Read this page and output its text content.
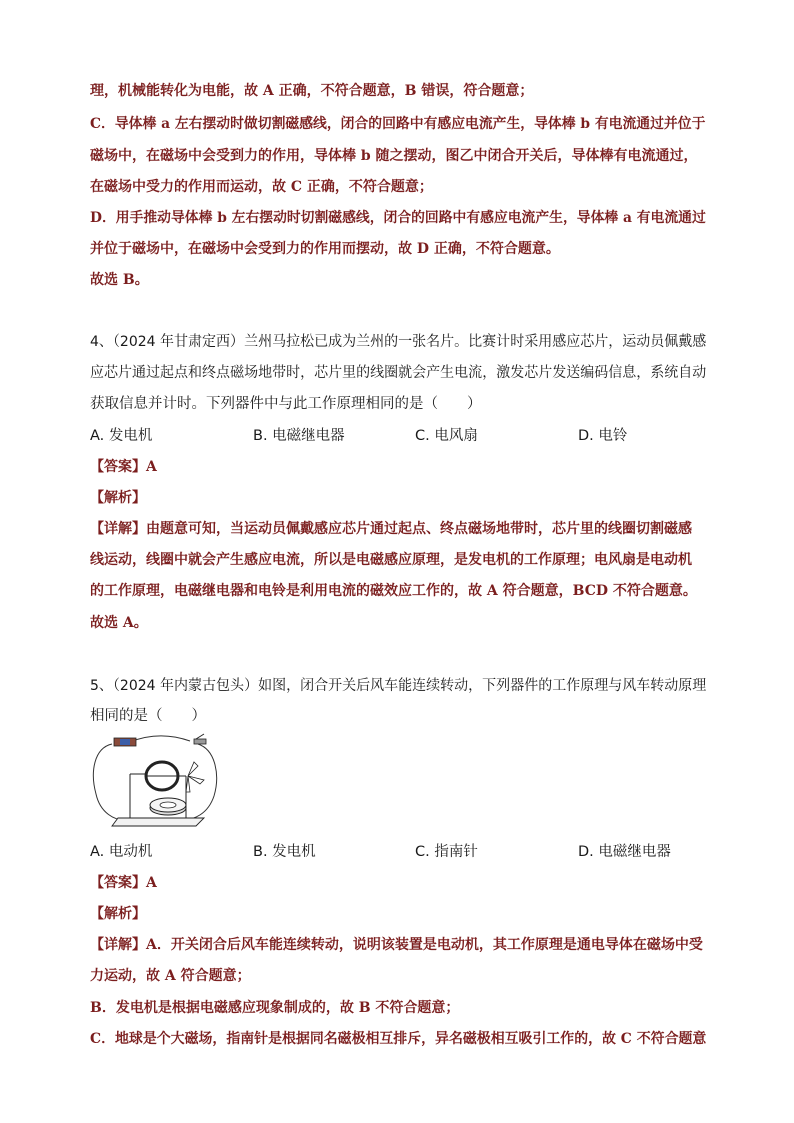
理，机械能转化为电能，故 A 正确，不符合题意，B 错误，符合题意；
C．导体棒 a 左右摆动时做切割磁感线，闭合的回路中有感应电流产生，导体棒 b 有电流通过并位于
磁场中，在磁场中会受到力的作用，导体棒 b 随之摆动，图乙中闭合开关后，导体棒有电流通过，
在磁场中受力的作用而运动，故 C 正确，不符合题意；
D．用手推动导体棒 b 左右摆动时切割磁感线，闭合的回路中有感应电流产生，导体棒 a 有电流通过
并位于磁场中，在磁场中会受到力的作用而摆动，故 D 正确，不符合题意。
故选 B。
4、（2024 年甘肃定西）兰州马拉松已成为兰州的一张名片。比赛计时采用感应芯片，运动员佩戴感
应芯片通过起点和终点磁场地带时，芯片里的线圈就会产生电流，激发芯片发送编码信息，系统自动
获取信息并计时。下列器件中与此工作原理相同的是（　　）
A. 发电机	B. 电磁继电器	C. 电风扇	D. 电铃
【答案】A
【解析】
【详解】由题意可知，当运动员佩戴感应芯片通过起点、终点磁场地带时，芯片里的线圈切割磁感
线运动，线圈中就会产生感应电流，所以是电磁感应原理，是发电机的工作原理；电风扇是电动机
的工作原理，电磁继电器和电铃是利用电流的磁效应工作的，故 A 符合题意，BCD 不符合题意。
故选 A。
5、（2024 年内蒙古包头）如图，闭合开关后风车能连续转动，下列器件的工作原理与风车转动原理
相同的是（　　）
A. 电动机	B. 发电机	C. 指南针	D. 电磁继电器
【答案】A
【解析】
【详解】A．开关闭合后风车能连续转动，说明该装置是电动机，其工作原理是通电导体在磁场中受
力运动，故 A 符合题意；
B．发电机是根据电磁感应现象制成的，故 B 不符合题意；
C．地球是个大磁场，指南针是根据同名磁极相互排斥，异名磁极相互吸引工作的，故 C 不符合题意
